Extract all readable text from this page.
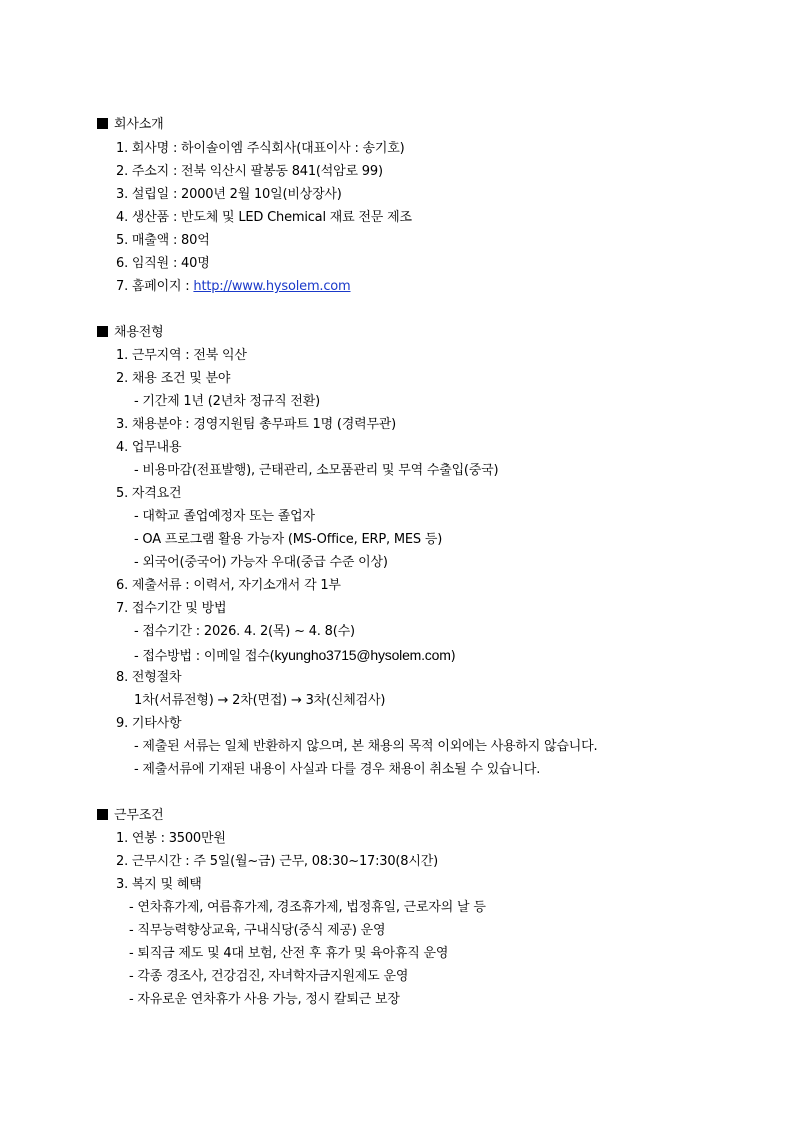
회사소개
1. 회사명 : 하이솔이엠 주식회사(대표이사 : 송기호)
2. 주소지 : 전북 익산시 팔봉동 841(석암로 99)
3. 설립일 : 2000년 2월 10일(비상장사)
4. 생산품 : 반도체 및 LED Chemical 재료 전문 제조
5. 매출액 : 80억
6. 임직원 : 40명
7. 홈페이지 : http://www.hysolem.com
채용전형
1. 근무지역 : 전북 익산
2. 채용 조건 및 분야
- 기간제 1년 (2년차 정규직 전환)
3. 채용분야 : 경영지원팀 총무파트 1명 (경력무관)
4. 업무내용
- 비용마감(전표발행), 근태관리, 소모품관리 및 무역 수출입(중국)
5. 자격요건
- 대학교 졸업예정자 또는 졸업자
- OA 프로그램 활용 가능자 (MS-Office, ERP, MES 등)
- 외국어(중국어) 가능자 우대(중급 수준 이상)
6. 제출서류 : 이력서, 자기소개서 각 1부
7. 접수기간 및 방법
- 접수기간 : 2026. 4. 2(목) ~ 4. 8(수)
- 접수방법 : 이메일 접수(kyungho3715@hysolem.com)
8. 전형절차
1차(서류전형) → 2차(면접) → 3차(신체검사)
9. 기타사항
- 제출된 서류는 일체 반환하지 않으며, 본 채용의 목적 이외에는 사용하지 않습니다.
- 제출서류에 기재된 내용이 사실과 다를 경우 채용이 취소될 수 있습니다.
근무조건
1. 연봉 : 3500만원
2. 근무시간 : 주 5일(월~금) 근무, 08:30~17:30(8시간)
3. 복지 및 혜택
- 연차휴가제, 여름휴가제, 경조휴가제, 법정휴일, 근로자의 날 등
- 직무능력향상교육, 구내식당(중식 제공) 운영
- 퇴직금 제도 및 4대 보험, 산전 후 휴가 및 육아휴직 운영
- 각종 경조사, 건강검진, 자녀학자금지원제도 운영
- 자유로운 연차휴가 사용 가능, 정시 칼퇴근 보장
